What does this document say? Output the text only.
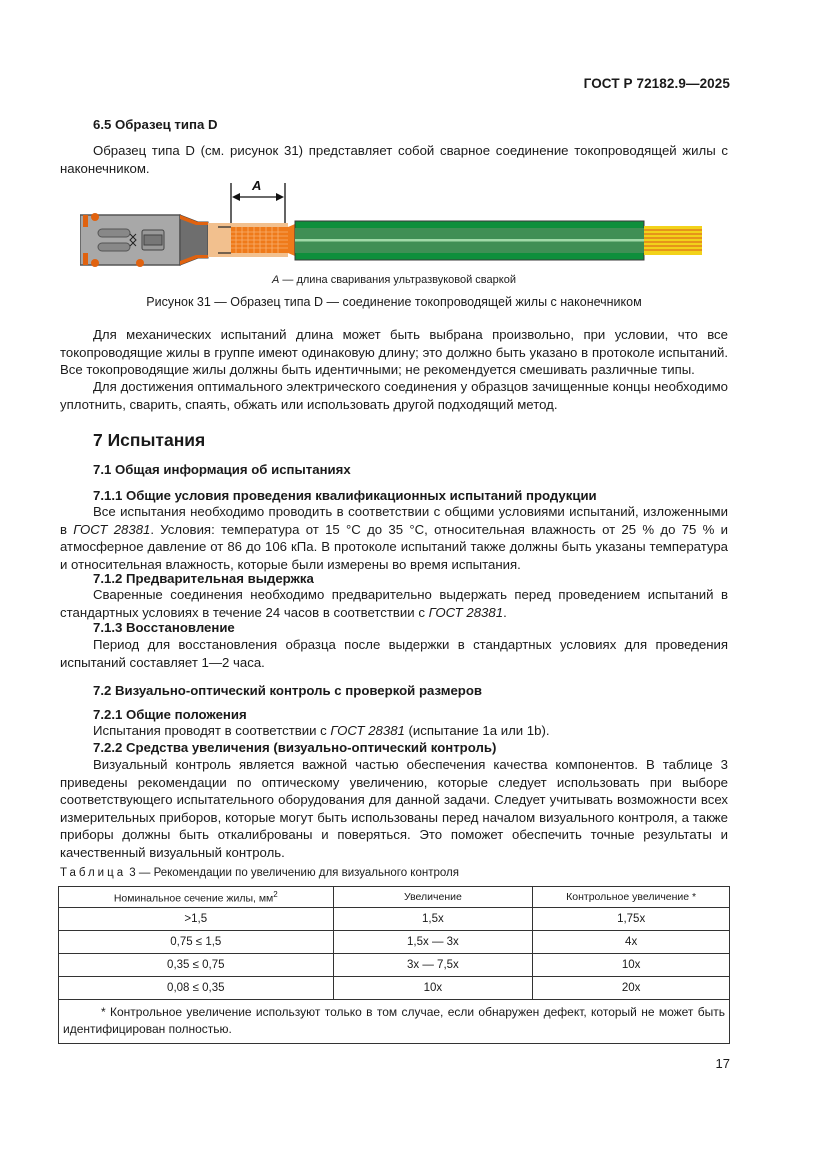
ГОСТ Р 72182.9—2025
6.5 Образец типа D
Образец типа D (см. рисунок 31) представляет собой сварное соединение токопроводящей жилы с наконечником.
A
A — длина сваривания ультразвуковой сваркой
Рисунок 31 — Образец типа D — соединение токопроводящей жилы с наконечником
Для механических испытаний длина может быть выбрана произвольно, при условии, что все токопроводящие жилы в группе имеют одинаковую длину; это должно быть указано в протоколе испытаний. Все токопроводящие жилы должны быть идентичными; не рекомендуется смешивать различные типы.
Для достижения оптимального электрического соединения у образцов зачищенные концы необходимо уплотнить, сварить, спаять, обжать или использовать другой подходящий метод.
7 Испытания
7.1 Общая информация об испытаниях
7.1.1 Общие условия проведения квалификационных испытаний продукции
Все испытания необходимо проводить в соответствии с общими условиями испытаний, изложенными в ГОСТ 28381. Условия: температура от 15 °С до 35 °С, относительная влажность от 25 % до 75 % и атмосферное давление от 86 до 106 кПа. В протоколе испытаний также должны быть указаны температура и относительная влажность, которые были измерены во время испытания.
7.1.2 Предварительная выдержка
Сваренные соединения необходимо предварительно выдержать перед проведением испытаний в стандартных условиях в течение 24 часов в соответствии с ГОСТ 28381.
7.1.3 Восстановление
Период для восстановления образца после выдержки в стандартных условиях для проведения испытаний составляет 1—2 часа.
7.2 Визуально-оптический контроль с проверкой размеров
7.2.1 Общие положения
Испытания проводят в соответствии с ГОСТ 28381 (испытание 1a или 1b).
7.2.2 Средства увеличения (визуально-оптический контроль)
Визуальный контроль является важной частью обеспечения качества компонентов. В таблице 3 приведены рекомендации по оптическому увеличению, которые следует использовать при выборе соответствующего испытательного оборудования для данной задачи. Следует учитывать возможности всех измерительных приборов, которые могут быть использованы перед началом визуального контроля, а также приборы должны быть откалиброваны и поверяться. Это поможет обеспечить точные результаты и качественный визуальный контроль.
Таблица 3 — Рекомендации по увеличению для визуального контроля
Номинальное сечение жилы, $мм^2$	Увеличение	Контрольное увеличение *
>1,5	1,5x	1,75x
0,75 ≤ 1,5	1,5x — 3x	4x
0,35 ≤ 0,75	3x — 7,5x	10x
0,08 ≤ 0,35	10x	20x
* Контрольное увеличение используют только в том случае, если обнаружен дефект, который не может быть идентифицирован полностью.		
17
